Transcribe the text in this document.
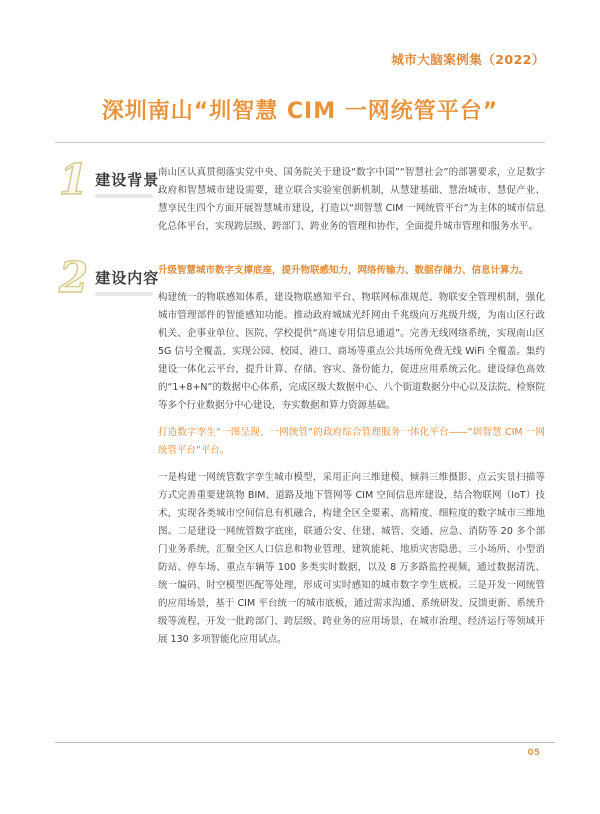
城市大脑案例集（2022）
深圳南山“圳智慧 CIM 一网统管平台”
1 建设背景

南山区认真贯彻落实党中央、国务院关于建设“数字中国”“智慧社会”的部署要求，立足数字政府和智慧城市建设需要，建立联合实验室创新机制，从慧建基础、慧治城市、慧促产业、慧享民生四个方面开展智慧城市建设，打造以“圳智慧 CIM 一网统管平台”为主体的城市信息化总体平台，实现跨层级、跨部门、跨业务的管理和协作，全面提升城市管理和服务水平。

2 建设内容

升级智慧城市数字支撑底座，提升物联感知力，网络传输力、数据存储力、信息计算力。

构建统一的物联感知体系，建设物联感知平台、物联网标准规范、物联安全管理机制，强化城市管理部件的智能感知功能。推动政府城域光纤网由千兆级向万兆级升级，为南山区行政机关、企事业单位、医院、学校提供“高速专用信息通道”。完善无线网络系统，实现南山区 5G 信号全覆盖，实现公园、校园、港口、商场等重点公共场所免费无线 WiFi 全覆盖。集约建设一体化云平台，提升计算、存储、容灾、备份能力，促进应用系统云化。建设绿色高效的“1+8+N”的数据中心体系，完成区级大数据中心、八个街道数据分中心以及法院、检察院等多个行业数据分中心建设，夯实数据和算力资源基础。

打造数字孪生“一图呈现、一网统管”的政府综合管理服务一体化平台——“圳智慧 CIM 一网统管平台”平台。

一是构建一网统管数字孪生城市模型，采用正向三维建模、倾斜三维摄影、点云实景扫描等方式完善重要建筑物 BIM、道路及地下管网等 CIM 空间信息库建设，结合物联网（IoT）技术，实现各类城市空间信息有机融合，构建全区全要素、高精度、细粒度的数字城市三维地图。二是建设一网统管数字底座，联通公安、住建、城管、交通、应急、消防等 20 多个部门业务系统，汇聚全区人口信息和物业管理、建筑能耗、地质灾害隐患、三小场所、小型消防站、停车场、重点车辆等 100 多类实时数据，以及 8 万多路监控视频，通过数据清洗、统一编码、时空模型匹配等处理，形成可实时感知的城市数字孪生底板。三是开发一网统管的应用场景，基于 CIM 平台统一的城市底板，通过需求沟通、系统研发、反馈更新、系统升级等流程，开发一批跨部门、跨层级、跨业务的应用场景，在城市治理、经济运行等领域开展 130 多项智能化应用试点。

05
